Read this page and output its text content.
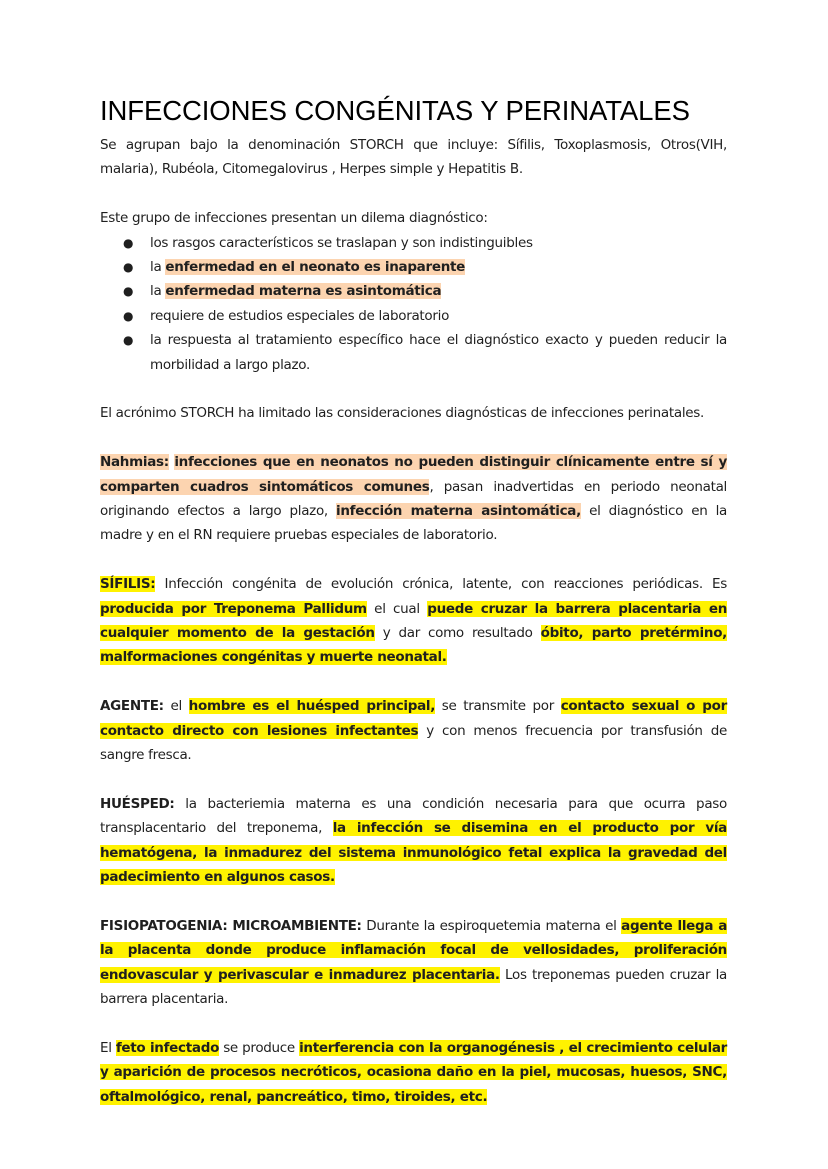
INFECCIONES CONGÉNITAS Y PERINATALES

Se agrupan bajo la denominación STORCH que incluye: Sífilis, Toxoplasmosis, Otros(VIH, malaria), Rubéola, Citomegalovirus , Herpes simple y Hepatitis B.

Este grupo de infecciones presentan un dilema diagnóstico:

● los rasgos característicos se traslapan y son indistinguibles
● la enfermedad en el neonato es inaparente
● la enfermedad materna es asintomática
● requiere de estudios especiales de laboratorio
● la respuesta al tratamiento específico hace el diagnóstico exacto y pueden reducir la morbilidad a largo plazo.

El acrónimo STORCH ha limitado las consideraciones diagnósticas de infecciones perinatales.

Nahmias: infecciones que en neonatos no pueden distinguir clínicamente entre sí y comparten cuadros sintomáticos comunes, pasan inadvertidas en periodo neonatal originando efectos a largo plazo, infección materna asintomática, el diagnóstico en la madre y en el RN requiere pruebas especiales de laboratorio.

SÍFILIS: Infección congénita de evolución crónica, latente, con reacciones periódicas. Es producida por Treponema Pallidum el cual puede cruzar la barrera placentaria en cualquier momento de la gestación y dar como resultado óbito, parto pretérmino, malformaciones congénitas y muerte neonatal.

AGENTE: el hombre es el huésped principal, se transmite por contacto sexual o por contacto directo con lesiones infectantes y con menos frecuencia por transfusión de sangre fresca.

HUÉSPED: la bacteriemia materna es una condición necesaria para que ocurra paso transplacentario del treponema, la infección se disemina en el producto por vía hematógena, la inmadurez del sistema inmunológico fetal explica la gravedad del padecimiento en algunos casos.

FISIOPATOGENIA: MICROAMBIENTE: Durante la espiroquetemia materna el agente llega a la placenta donde produce inflamación focal de vellosidades, proliferación endovascular y perivascular e inmadurez placentaria. Los treponemas pueden cruzar la barrera placentaria.

El feto infectado se produce interferencia con la organogénesis , el crecimiento celular y aparición de procesos necróticos, ocasiona daño en la piel, mucosas, huesos, SNC, oftalmológico, renal, pancreático, timo, tiroides, etc.
